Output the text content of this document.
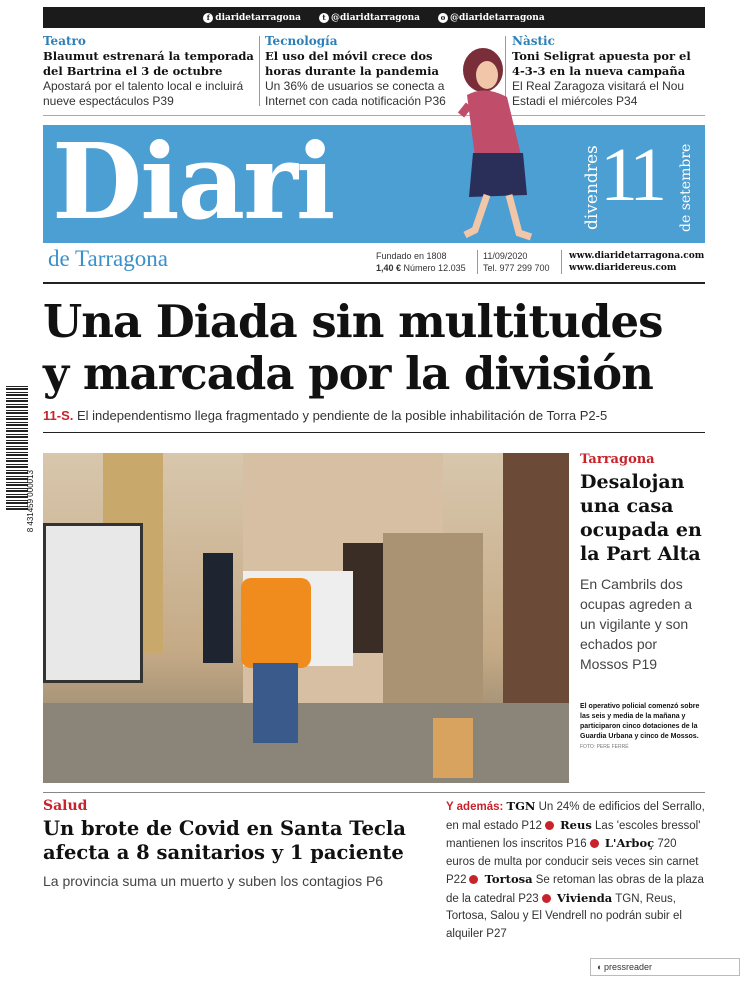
f diaridetarragona	t @diaridtarragona	o @diaridetarragona
Teatro
Blaumut estrenará la temporada del Bartrina el 3 de octubre
Apostará por el talento local e incluirá nueve espectáculos P39
Tecnología
El uso del móvil crece dos horas durante la pandemia
Un 36% de usuarios se conecta a Internet con cada notificación P36
Nàstic
Toni Seligrat apuesta por el 4-3-3 en la nueva campaña
El Real Zaragoza visitará el Nou Estadi el miércoles P34
Diari	divendres
11 de setembre
de Tarragona	Fundado en 1808
1,40 € Número 12.035
11/09/2020
Tel. 977 299 700
www.diaridetarragona.com
www.diariderеus.com
Una Diada sin multitudes
y marcada por la división
11-S. El independentismo llega fragmentado y pendiente de la posible inhabilitación de Torra P2-5
8 431459 000013
Tarragona
Desalojan una casa ocupada en la Part Alta
En Cambrils dos ocupas agreden a un vigilante y son echados por Mossos P19
El operativo policial comenzó sobre las seis y media de la mañana y participaron cinco dotaciones de la Guardia Urbana y cinco de Mossos. FOTO: PERE FERRÉ
Salud
Un brote de Covid en Santa Tecla afecta a 8 sanitarios y 1 paciente
La provincia suma un muerto y suben los contagios P6
Y además: TGN Un 24% de edificios del Serrallo, en mal estado P12 Reus Las 'escoles bressol' mantienen los inscritos P16 L'Arboç 720 euros de multa por conducir seis veces sin carnet P22 Tortosa Se retoman las obras de la plaza de la catedral P23 Vivienda TGN, Reus, Tortosa, Salou y El Vendrell no podrán subir el alquiler P27
◖ pressreader
